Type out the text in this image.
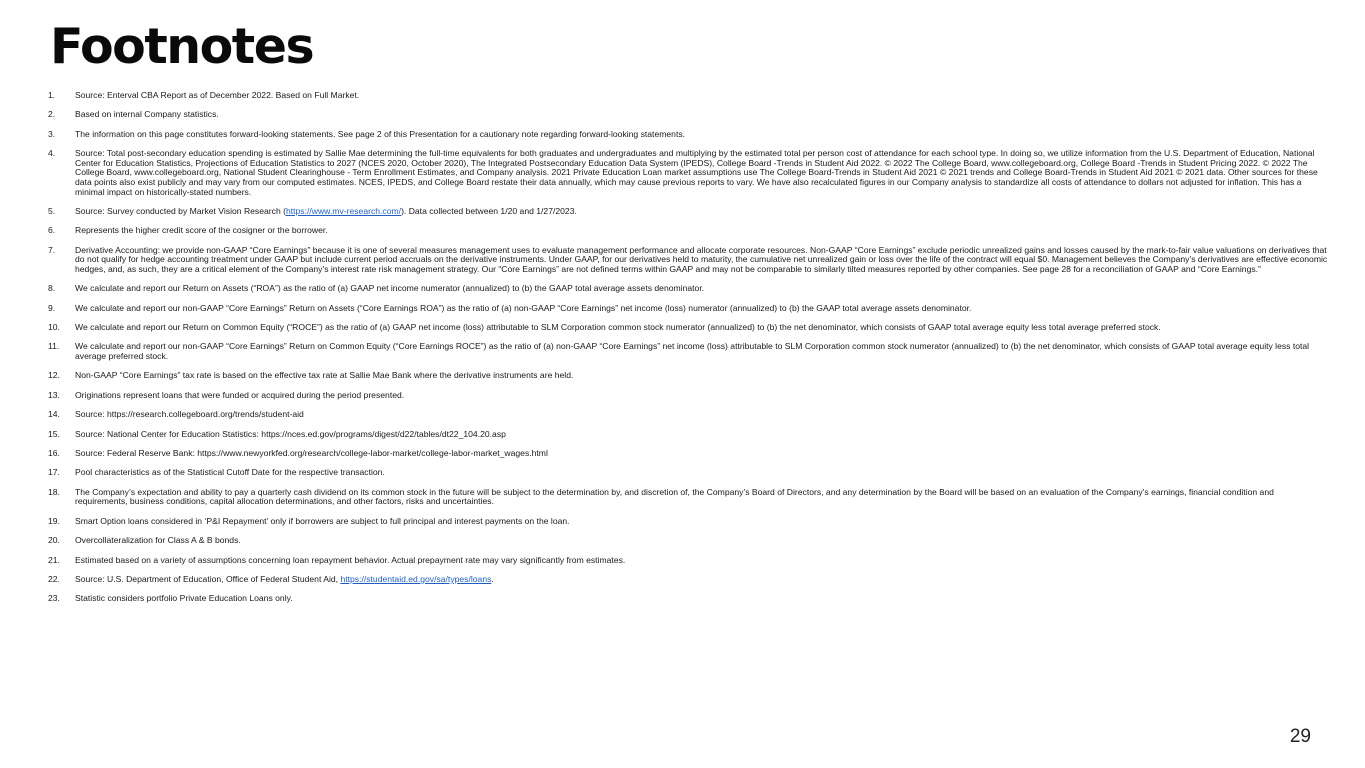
Footnotes
1.	Source: Enterval CBA Report as of December 2022. Based on Full Market.
2.	Based on internal Company statistics.
3.	The information on this page constitutes forward-looking statements. See page 2 of this Presentation for a cautionary note regarding forward-looking statements.
4.	Source: Total post-secondary education spending is estimated by Sallie Mae determining the full-time equivalents for both graduates and undergraduates and multiplying by the estimated total per person cost of attendance for each school type. In doing so, we utilize information from the U.S. Department of Education, National Center for Education Statistics, Projections of Education Statistics to 2027 (NCES 2020, October 2020), The Integrated Postsecondary Education Data System (IPEDS), College Board -Trends in Student Aid 2022. © 2022 The College Board, www.collegeboard.org, College Board -Trends in Student Pricing 2022. © 2022 The College Board, www.collegeboard.org, National Student Clearinghouse - Term Enrollment Estimates, and Company analysis. 2021 Private Education Loan market assumptions use The College Board-Trends in Student Aid 2021 © 2021 trends and College Board-Trends in Student Aid 2021 © 2021 data. Other sources for these data points also exist publicly and may vary from our computed estimates. NCES, IPEDS, and College Board restate their data annually, which may cause previous reports to vary. We have also recalculated figures in our Company analysis to standardize all costs of attendance to dollars not adjusted for inflation. This has a minimal impact on historically-stated numbers.
5.	Source: Survey conducted by Market Vision Research (https://www.mv-research.com/). Data collected between 1/20 and 1/27/2023.
6.	Represents the higher credit score of the cosigner or the borrower.
7.	Derivative Accounting: we provide non-GAAP “Core Earnings” because it is one of several measures management uses to evaluate management performance and allocate corporate resources. Non-GAAP “Core Earnings” exclude periodic unrealized gains and losses caused by the mark-to-fair value valuations on derivatives that do not qualify for hedge accounting treatment under GAAP but include current period accruals on the derivative instruments. Under GAAP, for our derivatives held to maturity, the cumulative net unrealized gain or loss over the life of the contract will equal $0. Management believes the Company’s derivatives are effective economic hedges, and, as such, they are a critical element of the Company’s interest rate risk management strategy. Our “Core Earnings” are not defined terms within GAAP and may not be comparable to similarly tilted measures reported by other companies. See page 28 for a reconciliation of GAAP and “Core Earnings.”
8.	We calculate and report our Return on Assets (“ROA”) as the ratio of (a) GAAP net income numerator (annualized) to (b) the GAAP total average assets denominator.
9.	We calculate and report our non-GAAP “Core Earnings” Return on Assets (“Core Earnings ROA”) as the ratio of (a) non-GAAP “Core Earnings” net income (loss) numerator (annualized) to (b) the GAAP total average assets denominator.
10.	We calculate and report our Return on Common Equity (“ROCE”) as the ratio of (a) GAAP net income (loss) attributable to SLM Corporation common stock numerator (annualized) to (b) the net denominator, which consists of GAAP total average equity less total average preferred stock.
11.	We calculate and report our non-GAAP “Core Earnings” Return on Common Equity (“Core Earnings ROCE”) as the ratio of (a) non-GAAP “Core Earnings” net income (loss) attributable to SLM Corporation common stock numerator (annualized) to (b) the net denominator, which consists of GAAP total average equity less total average preferred stock.
12.	Non-GAAP “Core Earnings” tax rate is based on the effective tax rate at Sallie Mae Bank where the derivative instruments are held.
13.	Originations represent loans that were funded or acquired during the period presented.
14.	Source: https://research.collegeboard.org/trends/student-aid
15.	Source: National Center for Education Statistics: https://nces.ed.gov/programs/digest/d22/tables/dt22_104.20.asp
16.	Source: Federal Reserve Bank: https://www.newyorkfed.org/research/college-labor-market/college-labor-market_wages.html
17.	Pool characteristics as of the Statistical Cutoff Date for the respective transaction.
18.	The Company’s expectation and ability to pay a quarterly cash dividend on its common stock in the future will be subject to the determination by, and discretion of, the Company’s Board of Directors, and any determination by the Board will be based on an evaluation of the Company’s earnings, financial condition and requirements, business conditions, capital allocation determinations, and other factors, risks and uncertainties.
19.	Smart Option loans considered in ‘P&I Repayment’ only if borrowers are subject to full principal and interest payments on the loan.
20.	Overcollateralization for Class A & B bonds.
21.	Estimated based on a variety of assumptions concerning loan repayment behavior. Actual prepayment rate may vary significantly from estimates.
22.	Source: U.S. Department of Education, Office of Federal Student Aid, https://studentaid.ed.gov/sa/types/loans.
23.	Statistic considers portfolio Private Education Loans only.
29
